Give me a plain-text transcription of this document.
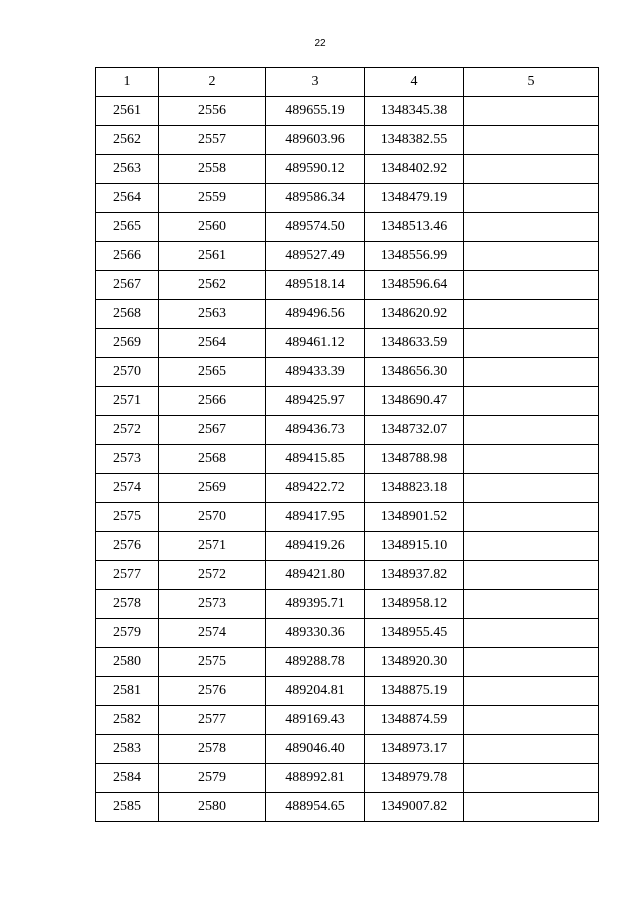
22
1	2	3	4	5
2561	2556	489655.19	1348345.38	
2562	2557	489603.96	1348382.55	
2563	2558	489590.12	1348402.92	
2564	2559	489586.34	1348479.19	
2565	2560	489574.50	1348513.46	
2566	2561	489527.49	1348556.99	
2567	2562	489518.14	1348596.64	
2568	2563	489496.56	1348620.92	
2569	2564	489461.12	1348633.59	
2570	2565	489433.39	1348656.30	
2571	2566	489425.97	1348690.47	
2572	2567	489436.73	1348732.07	
2573	2568	489415.85	1348788.98	
2574	2569	489422.72	1348823.18	
2575	2570	489417.95	1348901.52	
2576	2571	489419.26	1348915.10	
2577	2572	489421.80	1348937.82	
2578	2573	489395.71	1348958.12	
2579	2574	489330.36	1348955.45	
2580	2575	489288.78	1348920.30	
2581	2576	489204.81	1348875.19	
2582	2577	489169.43	1348874.59	
2583	2578	489046.40	1348973.17	
2584	2579	488992.81	1348979.78	
2585	2580	488954.65	1349007.82	
